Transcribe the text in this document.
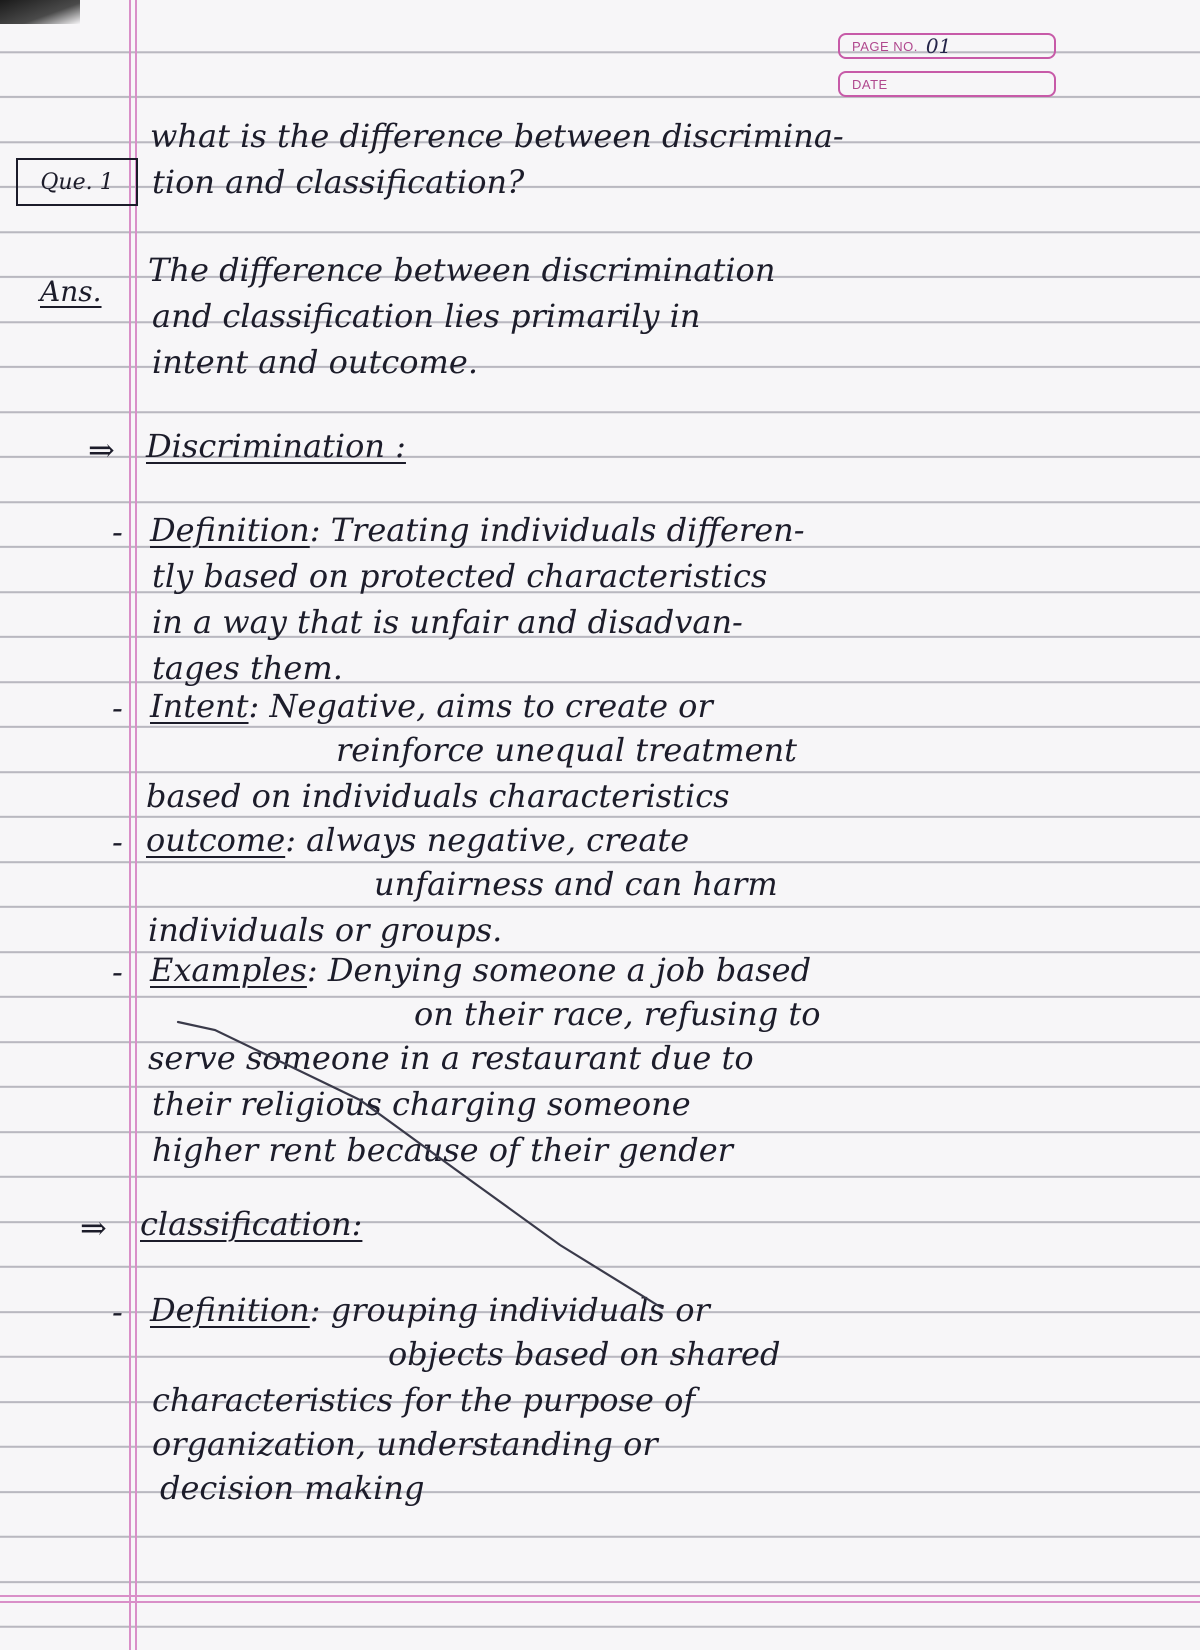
PAGE NO. 01
DATE
Que. 1
what is the difference between discrimina-
tion and classification?
Ans.
The difference between discrimination
and classification lies primarily in
intent and outcome.
⇒ Discrimination :
- Definition: Treating individuals differen-
tly based on protected characteristics
in a way that is unfair and disadvan-
tages them.
- Intent: Negative, aims to create or
reinforce unequal treatment
based on individuals characteristics
- outcome: always negative, create
unfairness and can harm
individuals or groups.
- Examples: Denying someone a job based
on their race, refusing to
serve someone in a restaurant due to
their religious charging someone
higher rent because of their gender
⇒ classification:
- Definition: grouping individuals or
objects based on shared
characteristics for the purpose of
organization, understanding or
decision making
